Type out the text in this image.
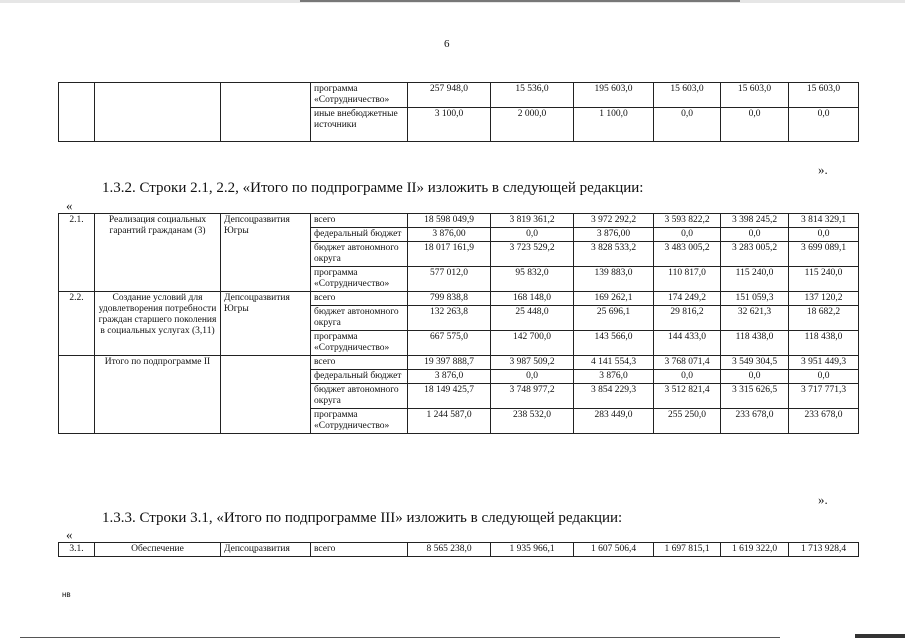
6
			программа «Сотрудничество»	257 948,0	15 536,0	195 603,0	15 603,0	15 603,0	15 603,0
			иные внебюджетные источники	3 100,0	2 000,0	1 100,0	0,0	0,0	0,0
».
1.3.2. Строки 2.1, 2.2, «Итого по подпрограмме II» изложить в следующей редакции:
«
2.1.	Реализация социальных гарантий гражданам (3)	Депсоцразвития Югры	всего	18 598 049,9	3 819 361,2	3 972 292,2	3 593 822,2	3 398 245,2	3 814 329,1
			федеральный бюджет	3 876,00	0,0	3 876,00	0,0	0,0	0,0
			бюджет автономного округа	18 017 161,9	3 723 529,2	3 828 533,2	3 483 005,2	3 283 005,2	3 699 089,1
			программа «Сотрудничество»	577 012,0	95 832,0	139 883,0	110 817,0	115 240,0	115 240,0
2.2.	Создание условий для удовлетворения потребности граждан старшего поколения в социальных услугах (3,11)	Депсоцразвития Югры	всего	799 838,8	168 148,0	169 262,1	174 249,2	151 059,3	137 120,2
			бюджет автономного округа	132 263,8	25 448,0	25 696,1	29 816,2	32 621,3	18 682,2
			программа «Сотрудничество»	667 575,0	142 700,0	143 566,0	144 433,0	118 438,0	118 438,0
	Итого по подпрограмме II		всего	19 397 888,7	3 987 509,2	4 141 554,3	3 768 071,4	3 549 304,5	3 951 449,3
			федеральный бюджет	3 876,0	0,0	3 876,0	0,0	0,0	0,0
			бюджет автономного округа	18 149 425,7	3 748 977,2	3 854 229,3	3 512 821,4	3 315 626,5	3 717 771,3
			программа «Сотрудничество»	1 244 587,0	238 532,0	283 449,0	255 250,0	233 678,0	233 678,0
».
1.3.3. Строки 3.1, «Итого по подпрограмме III» изложить в следующей редакции:
«
3.1.	Обеспечение	Депсоцразвития	всего	8 565 238,0	1 935 966,1	1 607 506,4	1 697 815,1	1 619 322,0	1 713 928,4
нв
